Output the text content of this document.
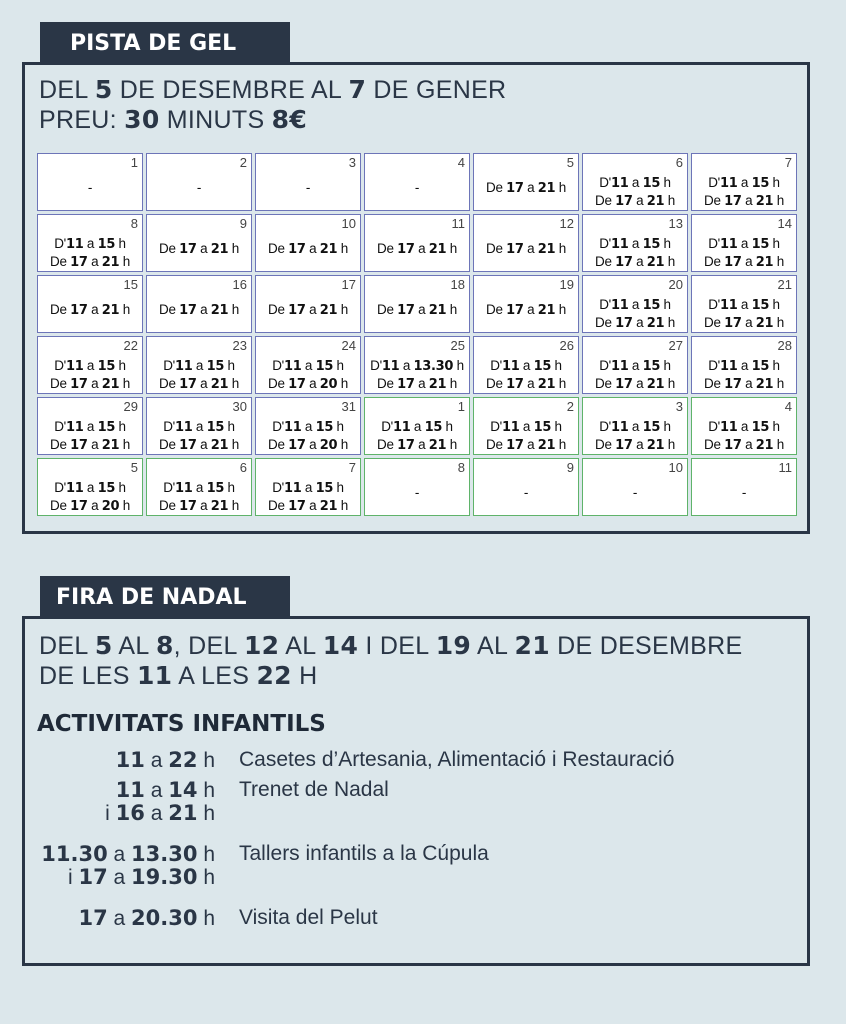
PISTA DE GEL
DEL 5 DE DESEMBRE AL 7 DE GENER
PREU: 30 MINUTS 8€
1
-
2
-
3
-
4
-
5
De 17 a 21 h
6
D'11 a 15 h
De 17 a 21 h
7
D'11 a 15 h
De 17 a 21 h
8
D'11 a 15 h
De 17 a 21 h
9
De 17 a 21 h
10
De 17 a 21 h
11
De 17 a 21 h
12
De 17 a 21 h
13
D'11 a 15 h
De 17 a 21 h
14
D'11 a 15 h
De 17 a 21 h
15
De 17 a 21 h
16
De 17 a 21 h
17
De 17 a 21 h
18
De 17 a 21 h
19
De 17 a 21 h
20
D'11 a 15 h
De 17 a 21 h
21
D'11 a 15 h
De 17 a 21 h
22
D'11 a 15 h
De 17 a 21 h
23
D'11 a 15 h
De 17 a 21 h
24
D'11 a 15 h
De 17 a 20 h
25
D'11 a 13.30 h
De 17 a 21 h
26
D'11 a 15 h
De 17 a 21 h
27
D'11 a 15 h
De 17 a 21 h
28
D'11 a 15 h
De 17 a 21 h
29
D'11 a 15 h
De 17 a 21 h
30
D'11 a 15 h
De 17 a 21 h
31
D'11 a 15 h
De 17 a 20 h
1
D'11 a 15 h
De 17 a 21 h
2
D'11 a 15 h
De 17 a 21 h
3
D'11 a 15 h
De 17 a 21 h
4
D'11 a 15 h
De 17 a 21 h
5
D'11 a 15 h
De 17 a 20 h
6
D'11 a 15 h
De 17 a 21 h
7
D'11 a 15 h
De 17 a 21 h
8
-
9
-
10
-
11
-
FIRA DE NADAL
DEL 5 AL 8, DEL 12 AL 14 I DEL 19 AL 21 DE DESEMBRE
DE LES 11 A LES 22 H
ACTIVITATS INFANTILS
11 a 22 h Casetes d’Artesania, Alimentació i Restauració
11 a 14 h
i 16 a 21 h
Trenet de Nadal
11.30 a 13.30 h
i 17 a 19.30 h
Tallers infantils a la Cúpula
17 a 20.30 h Visita del Pelut
